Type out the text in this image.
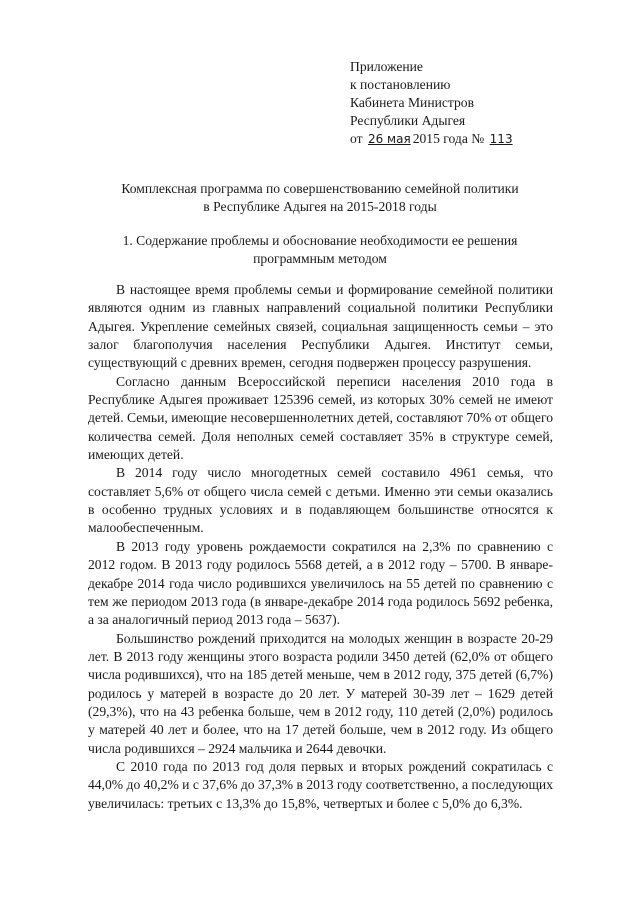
Приложение
к постановлению
Кабинета Министров
Республики Адыгея
от 26 мая 2015 года № 113
Комплексная программа по совершенствованию семейной политики в Республике Адыгея на 2015-2018 годы
1. Содержание проблемы и обоснование необходимости ее решения программным методом

В настоящее время проблемы семьи и формирование семейной политики являются одним из главных направлений социальной политики Республики Адыгея. Укрепление семейных связей, социальная защищенность семьи – это залог благополучия населения Республики Адыгея. Институт семьи, существующий с древних времен, сегодня подвержен процессу разрушения.

Согласно данным Всероссийской переписи населения 2010 года в Республике Адыгея проживает 125396 семей, из которых 30% семей не имеют детей. Семьи, имеющие несовершеннолетних детей, составляют 70% от общего количества семей. Доля неполных семей составляет 35% в структуре семей, имеющих детей.

В 2014 году число многодетных семей составило 4961 семья, что составляет 5,6% от общего числа семей с детьми. Именно эти семьи оказались в особенно трудных условиях и в подавляющем большинстве относятся к малообеспеченным.

В 2013 году уровень рождаемости сократился на 2,3% по сравнению с 2012 годом. В 2013 году родилось 5568 детей, а в 2012 году – 5700. В январе-декабре 2014 года число родившихся увеличилось на 55 детей по сравнению с тем же периодом 2013 года (в январе-декабре 2014 года родилось 5692 ребенка, а за аналогичный период 2013 года – 5637).

Большинство рождений приходится на молодых женщин в возрасте 20-29 лет. В 2013 году женщины этого возраста родили 3450 детей (62,0% от общего числа родившихся), что на 185 детей меньше, чем в 2012 году, 375 детей (6,7%) родилось у матерей в возрасте до 20 лет. У матерей 30-39 лет – 1629 детей (29,3%), что на 43 ребенка больше, чем в 2012 году, 110 детей (2,0%) родилось у матерей 40 лет и более, что на 17 детей больше, чем в 2012 году. Из общего числа родившихся – 2924 мальчика и 2644 девочки.

С 2010 года по 2013 год доля первых и вторых рождений сократилась с 44,0% до 40,2% и с 37,6% до 37,3% в 2013 году соответственно, а последующих увеличилась: третьих с 13,3% до 15,8%, четвертых и более с 5,0% до 6,3%.
